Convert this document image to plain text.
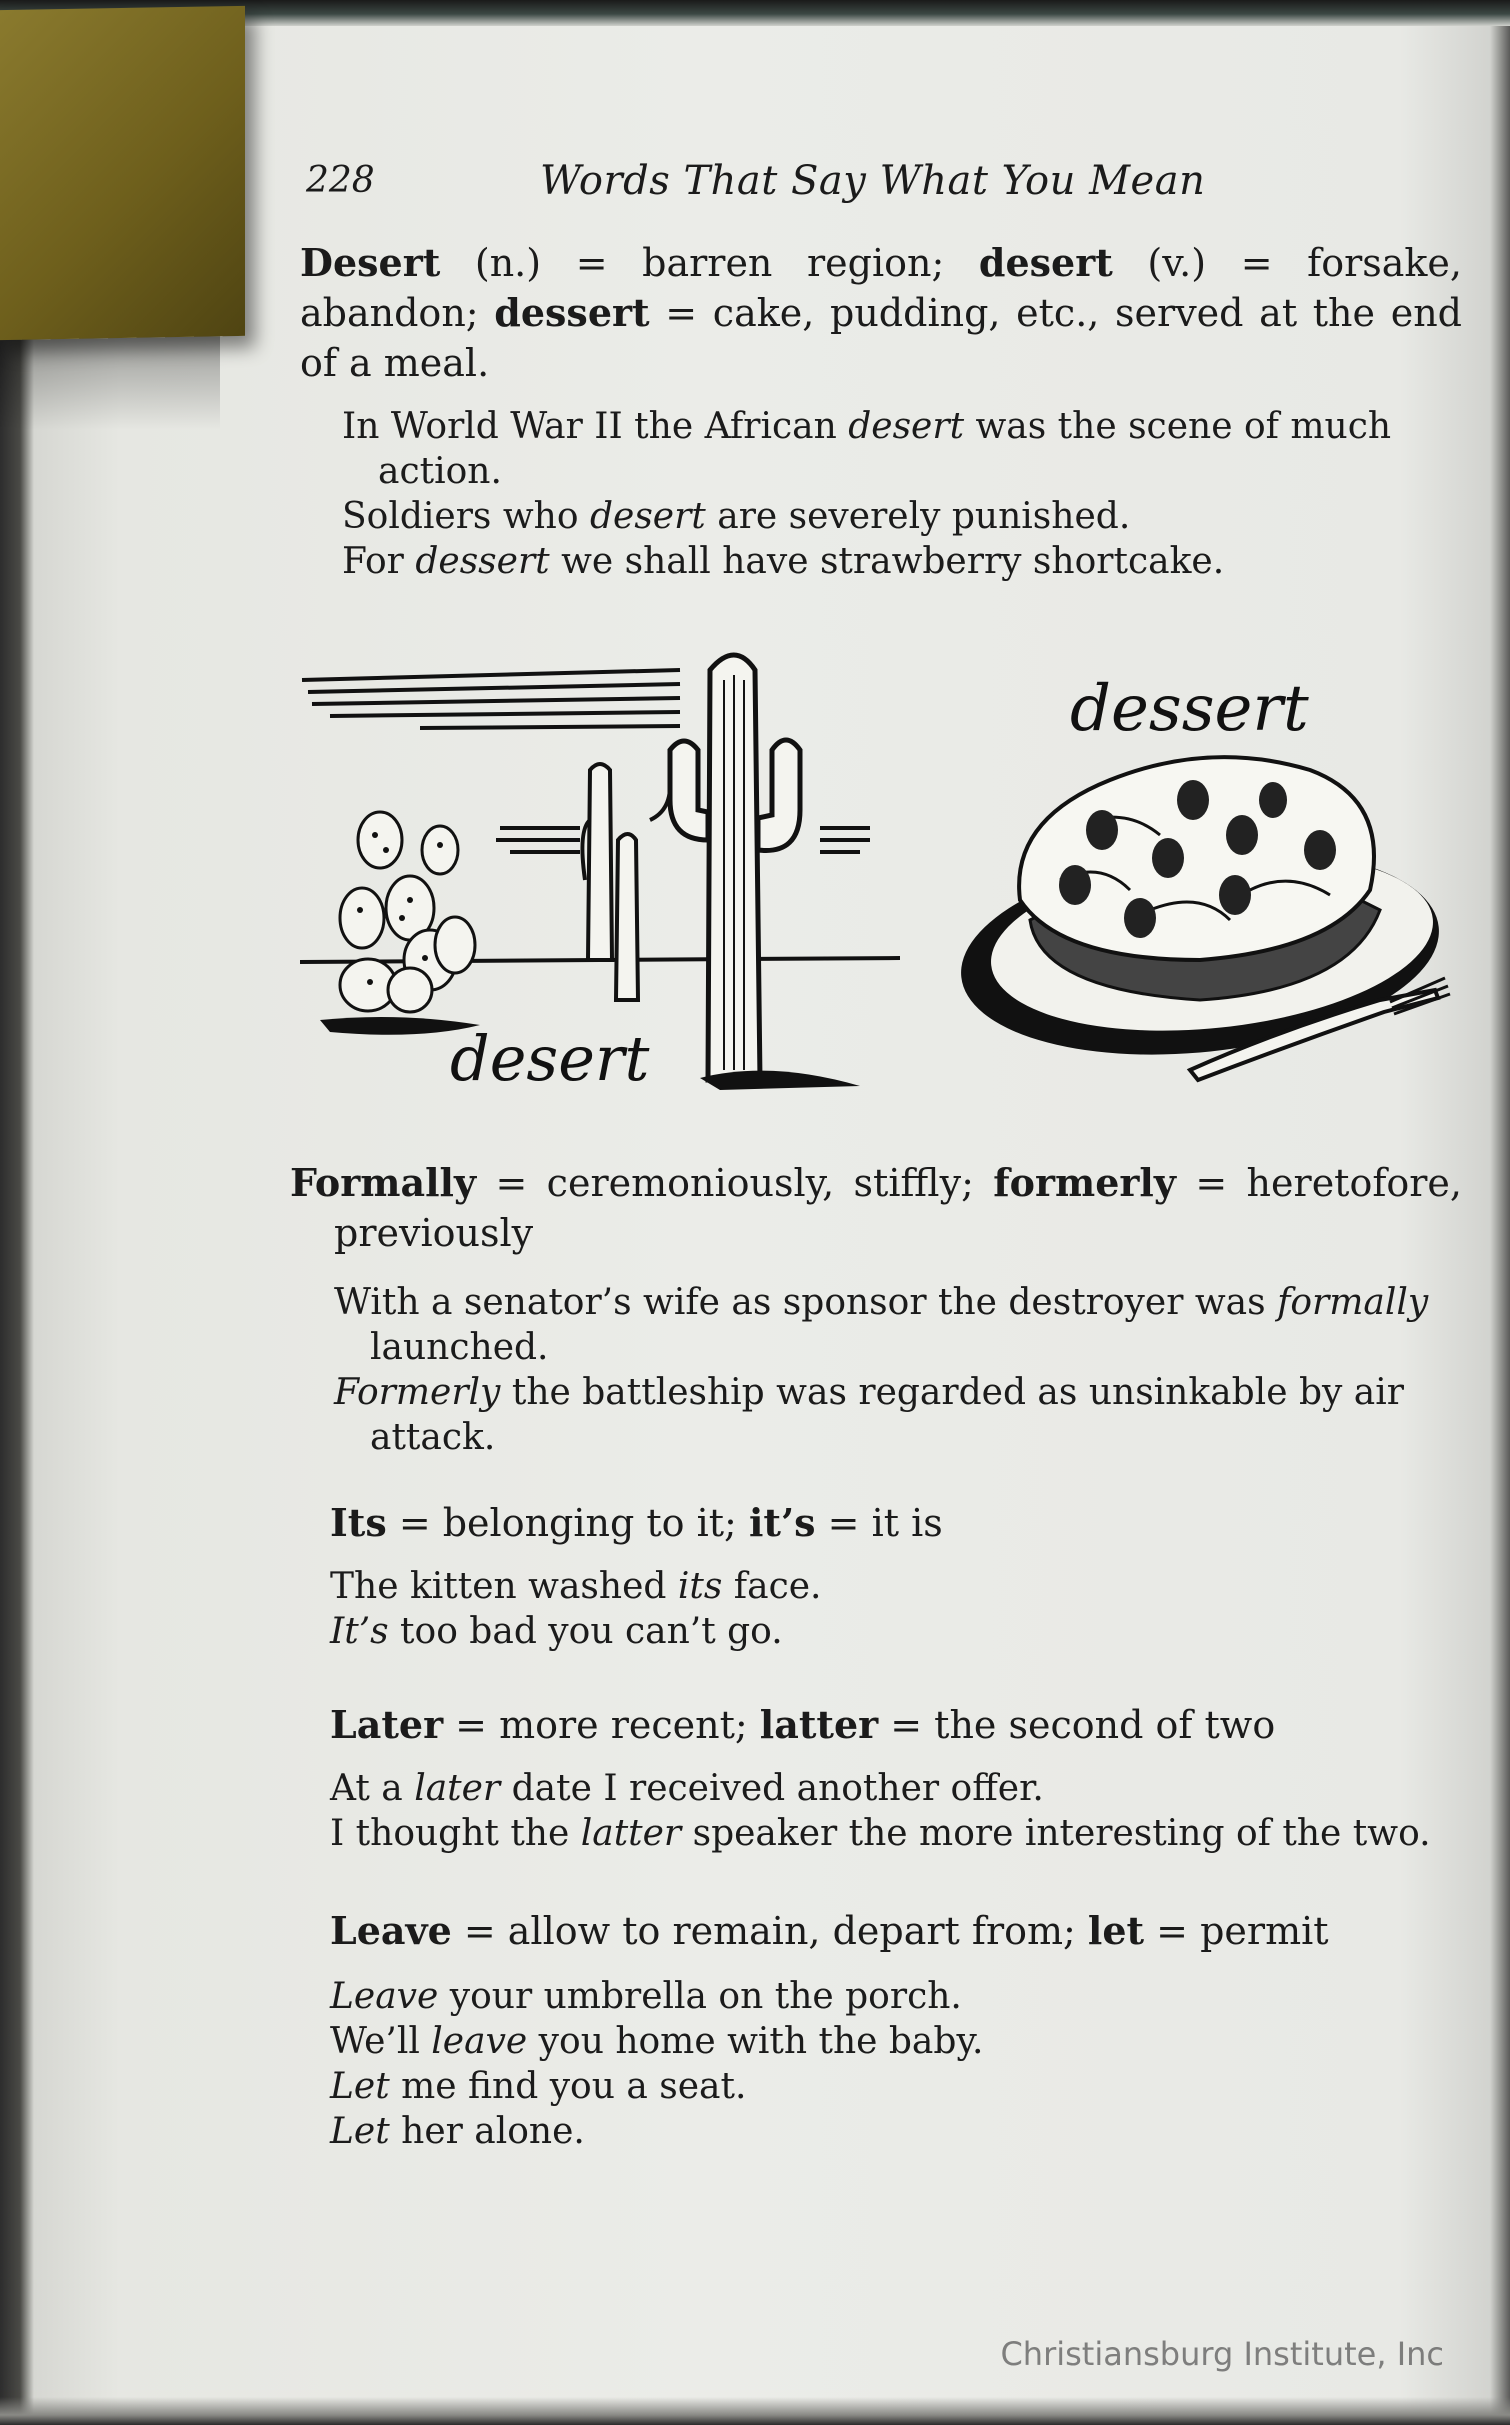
228	Words That Say What You Mean
Desert (n.) = barren region; desert (v.) = forsake, abandon; dessert = cake, pudding, etc., served at the end of a meal.
In World War II the African desert was the scene of much action.
Soldiers who desert are severely punished.
For dessert we shall have strawberry shortcake.
desert
dessert
Formally = ceremoniously, stiffly; formerly = heretofore, previously
With a senator’s wife as sponsor the destroyer was formally launched.
Formerly the battleship was regarded as unsinkable by air attack.
Its = belonging to it; it’s = it is
The kitten washed its face.
It’s too bad you can’t go.
Later = more recent; latter = the second of two
At a later date I received another offer.
I thought the latter speaker the more interesting of the two.
Leave = allow to remain, depart from; let = permit
Leave your umbrella on the porch.
We’ll leave you home with the baby.
Let me find you a seat.
Let her alone.
Christiansburg Institute, Inc
